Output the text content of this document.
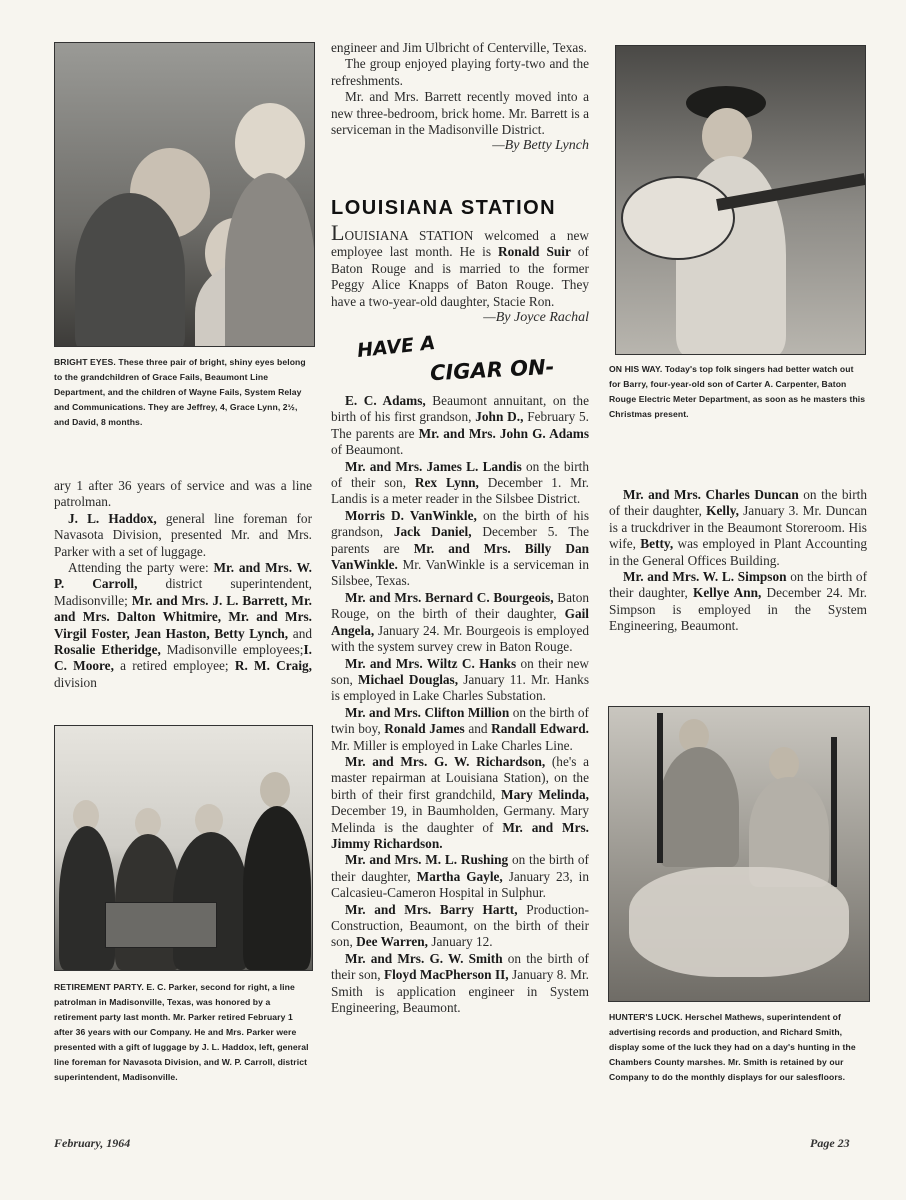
BRIGHT EYES. These three pair of bright, shiny eyes belong to the grandchildren of Grace Fails, Beaumont Line Department, and the children of Wayne Fails, System Relay and Communications. They are Jeffrey, 4, Grace Lynn, 2½, and David, 8 months.

ary 1 after 36 years of service and was a line patrolman.

J. L. Haddox, general line foreman for Navasota Division, presented Mr. and Mrs. Parker with a set of luggage.

Attending the party were: Mr. and Mrs. W. P. Carroll, district superintendent, Madisonville; Mr. and Mrs. J. L. Barrett, Mr. and Mrs. Dalton Whitmire, Mr. and Mrs. Virgil Foster, Jean Haston, Betty Lynch, and Rosalie Etheridge, Madisonville employees;I. C. Moore, a retired employee; R. M. Craig, division

RETIREMENT PARTY. E. C. Parker, second for right, a line patrolman in Madisonville, Texas, was honored by a retirement party last month. Mr. Parker retired February 1 after 36 years with our Company. He and Mrs. Parker were presented with a gift of luggage by J. L. Haddox, left, general line foreman for Navasota Division, and W. P. Carroll, district superintendent, Madisonville.

engineer and Jim Ulbricht of Centerville, Texas.

The group enjoyed playing forty-two and the refreshments.

Mr. and Mrs. Barrett recently moved into a new three-bedroom, brick home. Mr. Barrett is a serviceman in the Madisonville District.

—By Betty Lynch

LOUISIANA STATION

LOUISIANA STATION welcomed a new employee last month. He is Ronald Suir of Baton Rouge and is married to the former Peggy Alice Knapps of Baton Rouge. They have a two-year-old daughter, Stacie Ron.

—By Joyce Rachal

HAVE A
CIGAR ON-

E. C. Adams, Beaumont annuitant, on the birth of his first grandson, John D., February 5. The parents are Mr. and Mrs. John G. Adams of Beaumont.

Mr. and Mrs. James L. Landis on the birth of their son, Rex Lynn, December 1. Mr. Landis is a meter reader in the Silsbee District.

Morris D. VanWinkle, on the birth of his grandson, Jack Daniel, December 5. The parents are Mr. and Mrs. Billy Dan VanWinkle. Mr. VanWinkle is a serviceman in Silsbee, Texas.

Mr. and Mrs. Bernard C. Bourgeois, Baton Rouge, on the birth of their daughter, Gail Angela, January 24. Mr. Bourgeois is employed with the system survey crew in Baton Rouge.

Mr. and Mrs. Wiltz C. Hanks on their new son, Michael Douglas, January 11. Mr. Hanks is employed in Lake Charles Substation.

Mr. and Mrs. Clifton Million on the birth of twin boy, Ronald James and Randall Edward. Mr. Miller is employed in Lake Charles Line.

Mr. and Mrs. G. W. Richardson, (he's a master repairman at Louisiana Station), on the birth of their first grandchild, Mary Melinda, December 19, in Baumholden, Germany. Mary Melinda is the daughter of Mr. and Mrs. Jimmy Richardson.

Mr. and Mrs. M. L. Rushing on the birth of their daughter, Martha Gayle, January 23, in Calcasieu-Cameron Hospital in Sulphur.

Mr. and Mrs. Barry Hartt, Production-Construction, Beaumont, on the birth of their son, Dee Warren, January 12.

Mr. and Mrs. G. W. Smith on the birth of their son, Floyd MacPherson II, January 8. Mr. Smith is application engineer in System Engineering, Beaumont.

ON HIS WAY. Today's top folk singers had better watch out for Barry, four-year-old son of Carter A. Carpenter, Baton Rouge Electric Meter Department, as soon as he masters this Christmas present.

Mr. and Mrs. Charles Duncan on the birth of their daughter, Kelly, January 3. Mr. Duncan is a truckdriver in the Beaumont Storeroom. His wife, Betty, was employed in Plant Accounting in the General Offices Building.

Mr. and Mrs. W. L. Simpson on the birth of their daughter, Kellye Ann, December 24. Mr. Simpson is employed in the System Engineering, Beaumont.

HUNTER'S LUCK. Herschel Mathews, superintendent of advertising records and production, and Richard Smith, display some of the luck they had on a day's hunting in the Chambers County marshes. Mr. Smith is retained by our Company to do the monthly displays for our salesfloors.
February, 1964	Page 23
